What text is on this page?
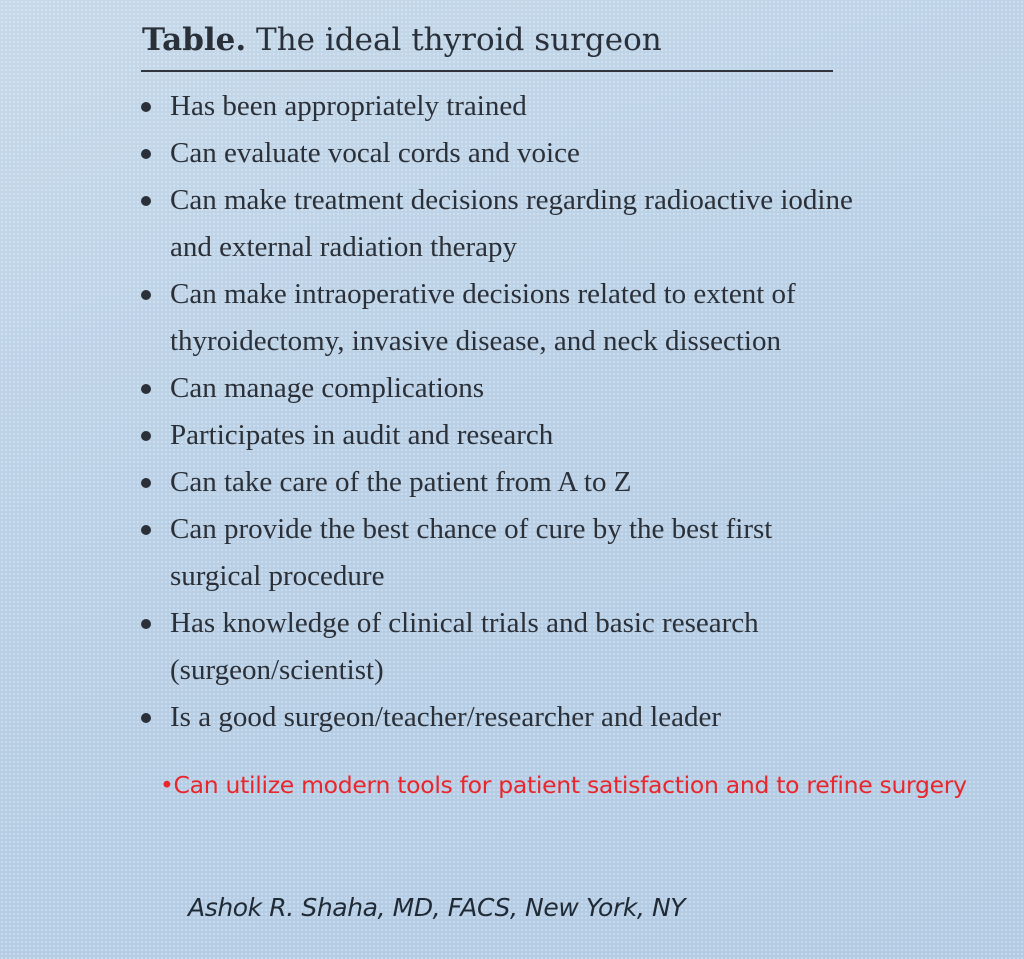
Table. The ideal thyroid surgeon
Has been appropriately trained
Can evaluate vocal cords and voice
Can make treatment decisions regarding radioactive iodine and external radiation therapy
Can make intraoperative decisions related to extent of thyroidectomy, invasive disease, and neck dissection
Can manage complications
Participates in audit and research
Can take care of the patient from A to Z
Can provide the best chance of cure by the best first surgical procedure
Has knowledge of clinical trials and basic research (surgeon/scientist)
Is a good surgeon/teacher/researcher and leader

•Can utilize modern tools for patient satisfaction and to refine surgery

Ashok R. Shaha, MD, FACS, New York, NY
